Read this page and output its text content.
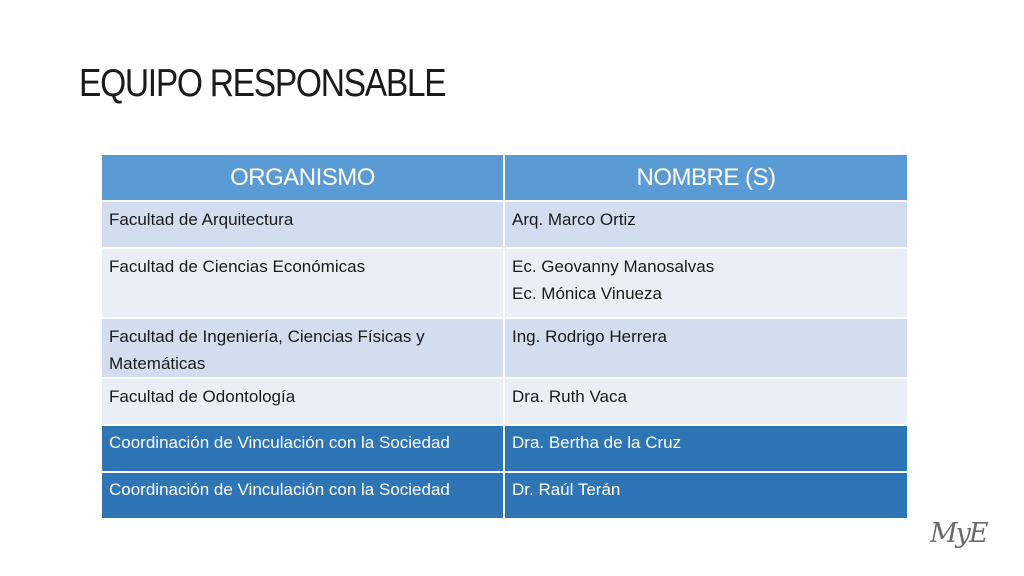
EQUIPO RESPONSABLE
ORGANISMO	NOMBRE (S)
Facultad de Arquitectura	Arq. Marco Ortiz

Facultad de Ciencias Económicas	Ec. Geovanny Manosalvas
Ec. Mónica Vinueza

Facultad de Ingeniería, Ciencias Físicas y Matemáticas	Ing. Rodrigo Herrera

Facultad de Odontología	Dra. Ruth Vaca

Coordinación de Vinculación con la Sociedad	Dra. Bertha de la Cruz

Coordinación de Vinculación con la Sociedad	Dr. Raúl Terán
MyE
